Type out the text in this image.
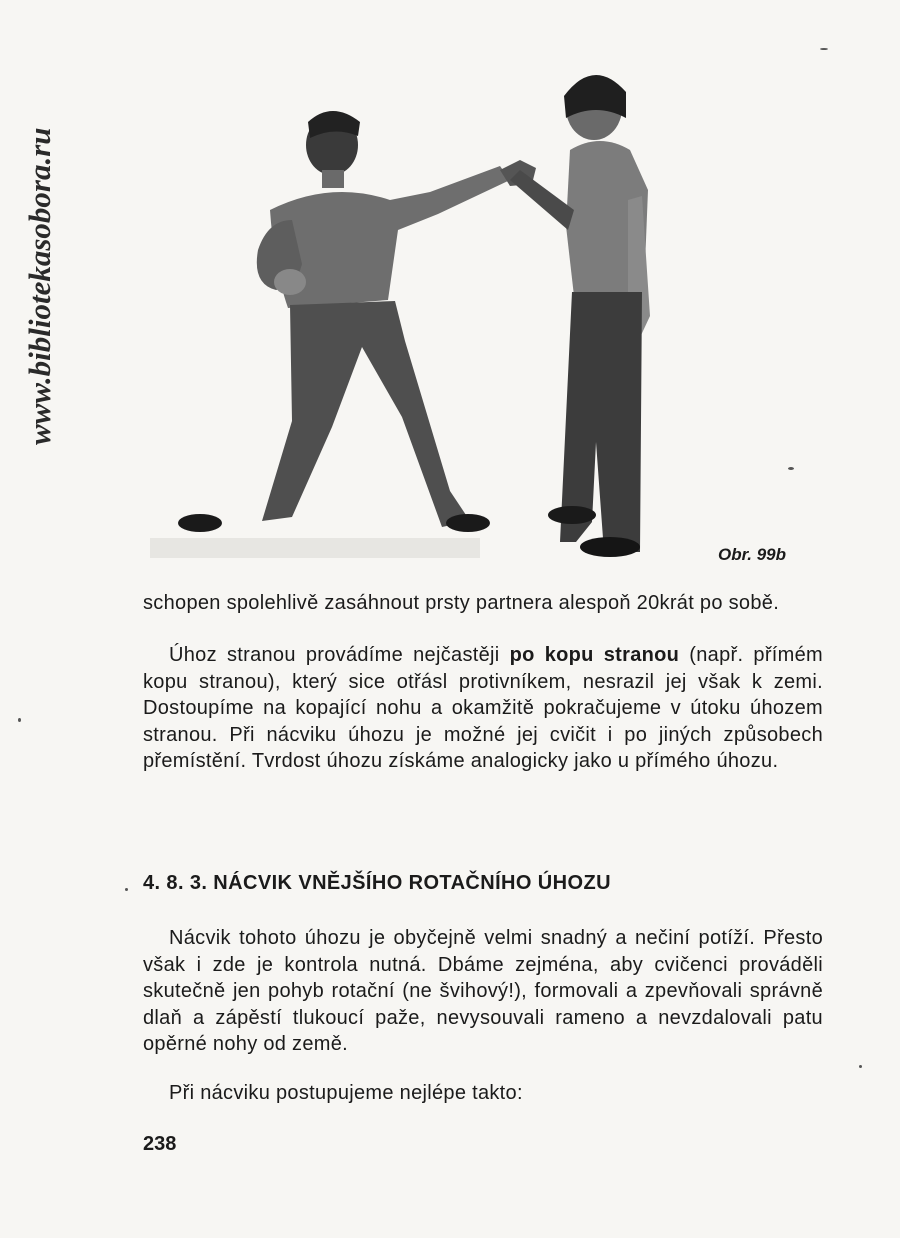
www.bibliotekasobora.ru
Obr. 99b

schopen spolehlivě zasáhnout prsty partnera alespoň 20krát po sobě.

Úhoz stranou provádíme nejčastěji po kopu stranou (např. přímém kopu stranou), který sice otřásl protivníkem, nesrazil jej však k zemi. Dostoupíme na kopající nohu a okamžitě pokračujeme v útoku úhozem stranou. Při nácviku úhozu je možné jej cvičit i po jiných způsobech přemístění. Tvrdost úhozu získáme analogicky jako u přímého úhozu.

4. 8. 3. NÁCVIK VNĚJŠÍHO ROTAČNÍHO ÚHOZU

Nácvik tohoto úhozu je obyčejně velmi snadný a nečiní potíží. Přesto však i zde je kontrola nutná. Dbáme zejména, aby cvičenci prováděli skutečně jen pohyb rotační (ne švihový!), formovali a zpevňovali správně dlaň a zápěstí tlukoucí paže, nevysouvali rameno a nevzdalovali patu opěrné nohy od země.

Při nácviku postupujeme nejlépe takto:

238
